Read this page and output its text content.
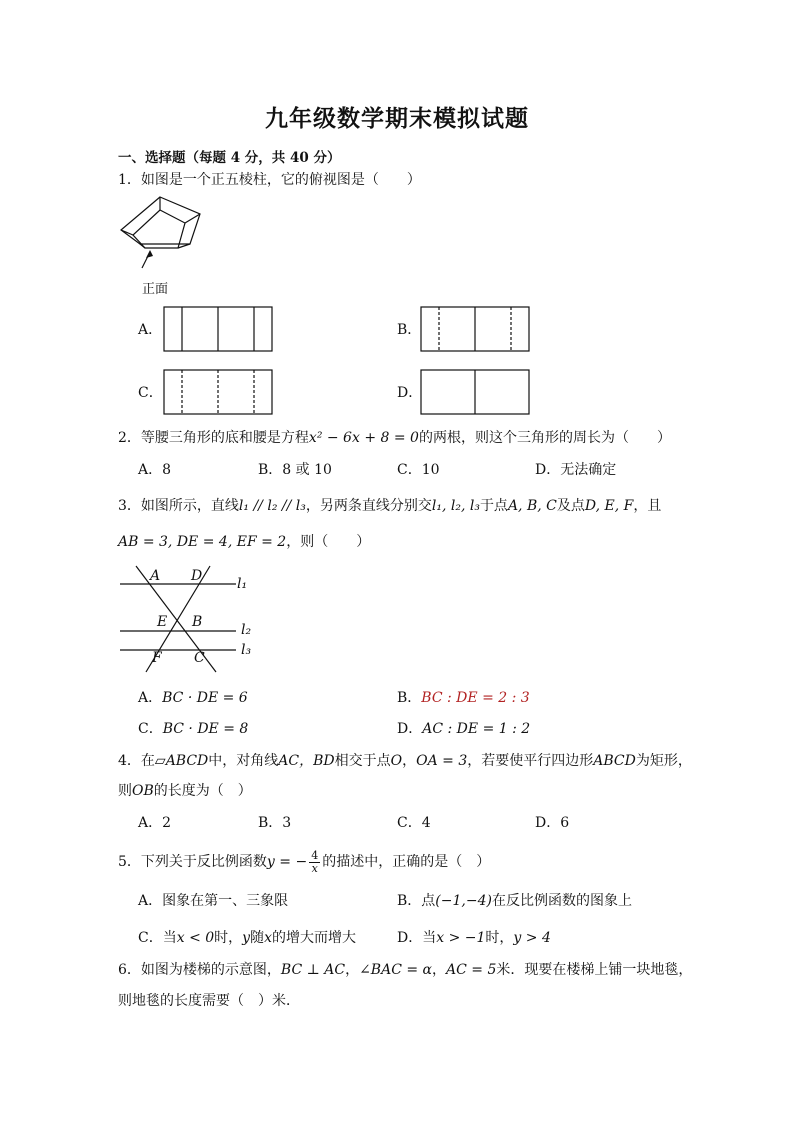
九年级数学期末模拟试题
一、选择题（每题 4 分，共 40 分）
1．如图是一个正五棱柱，它的俯视图是（　　）
正面
A．	B．
C．	D．
2．等腰三角形的底和腰是方程x² − 6x + 8 = 0的两根，则这个三角形的周长为（　　）
A．8	B．8 或 10	C．10	D．无法确定
3．如图所示，直线l₁ // l₂ // l₃，另两条直线分别交l₁, l₂, l₃于点A, B, C及点D, E, F，且
AB = 3, DE = 4, EF = 2，则（　　）
A D l₁
E B	l₂
l₃
F C
A．BC · DE = 6	B．BC : DE = 2 : 3
C．BC · DE = 8	D．AC : DE = 1 : 2
4．在▱ABCD中，对角线AC，BD相交于点O，OA = 3，若要使平行四边形ABCD为矩形，
则OB的长度为（　）
A．2	B．3	C．4	D．6
5．下列关于反比例函数y = − $\frac{4}{x}$ 的描述中，正确的是（　）
A．图象在第一、三象限	B．点(−1,−4)在反比例函数的图象上
C．当x < 0时，y随x的增大而增大	D．当x > −1时，y > 4
6．如图为楼梯的示意图，BC ⊥ AC，∠BAC = α，AC = 5米．现要在楼梯上铺一块地毯，
则地毯的长度需要（　）米．
